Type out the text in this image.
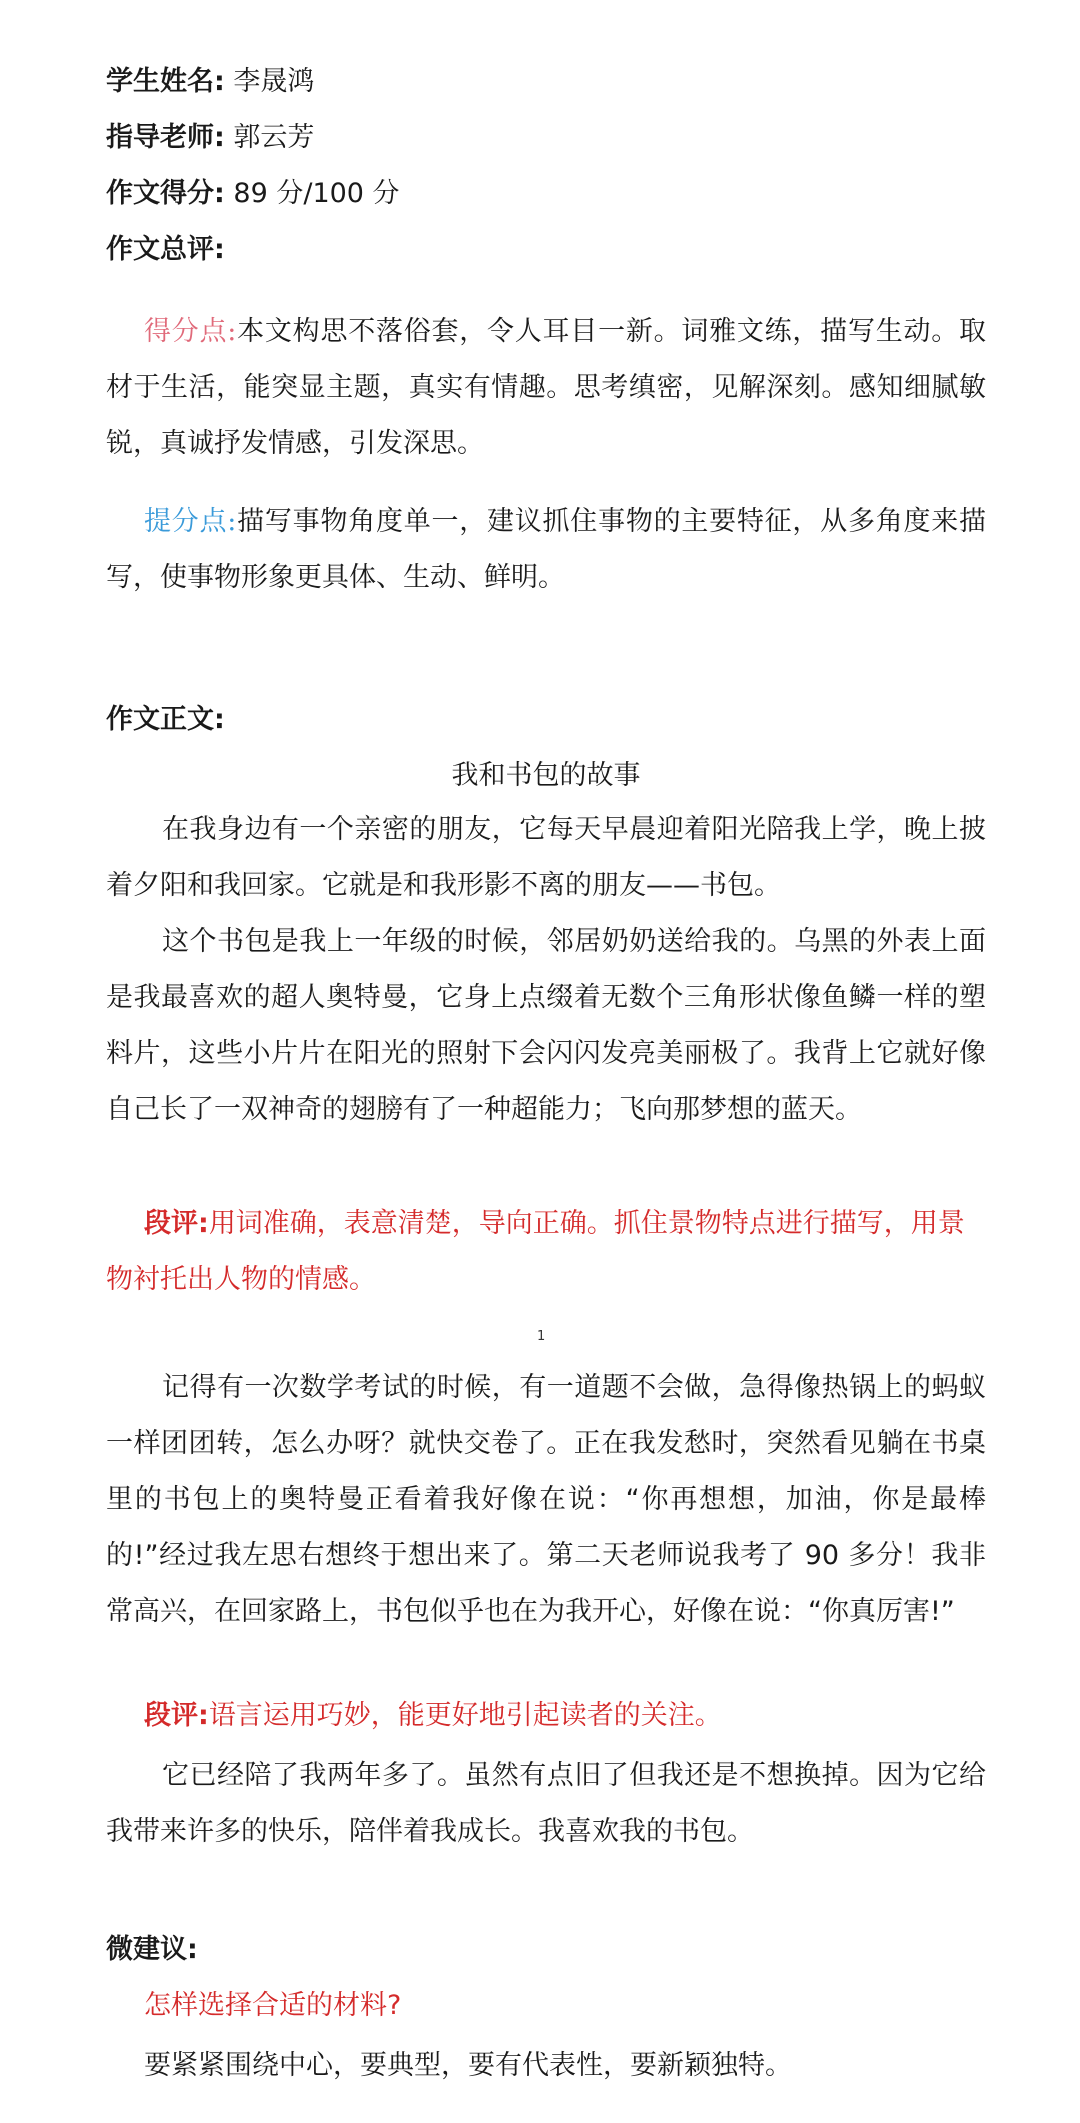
学生姓名: 李晟鸿
指导老师: 郭云芳
作文得分: 89 分/100 分
作文总评:
得分点:本文构思不落俗套，令人耳目一新。词雅文练，描写生动。取材于生活，能突显主题，真实有情趣。思考缜密，见解深刻。感知细腻敏锐，真诚抒发情感，引发深思。
提分点:描写事物角度单一，建议抓住事物的主要特征，从多角度来描写，使事物形象更具体、生动、鲜明。
作文正文:
我和书包的故事
在我身边有一个亲密的朋友，它每天早晨迎着阳光陪我上学，晚上披着夕阳和我回家。它就是和我形影不离的朋友——书包。
这个书包是我上一年级的时候，邻居奶奶送给我的。乌黑的外表上面是我最喜欢的超人奥特曼，它身上点缀着无数个三角形状像鱼鳞一样的塑料片，这些小片片在阳光的照射下会闪闪发亮美丽极了。我背上它就好像自己长了一双神奇的翅膀有了一种超能力；飞向那梦想的蓝天。
段评:用词准确，表意清楚，导向正确。抓住景物特点进行描写，用景物衬托出人物的情感。
1
记得有一次数学考试的时候，有一道题不会做，急得像热锅上的蚂蚁一样团团转，怎么办呀？就快交卷了。正在我发愁时，突然看见躺在书桌里的书包上的奥特曼正看着我好像在说：“你再想想，加油，你是最棒的!”经过我左思右想终于想出来了。第二天老师说我考了 90 多分！我非常高兴，在回家路上，书包似乎也在为我开心，好像在说：“你真厉害!”
段评:语言运用巧妙，能更好地引起读者的关注。
它已经陪了我两年多了。虽然有点旧了但我还是不想换掉。因为它给我带来许多的快乐，陪伴着我成长。我喜欢我的书包。
微建议:
怎样选择合适的材料?
要紧紧围绕中心，要典型，要有代表性，要新颖独特。
